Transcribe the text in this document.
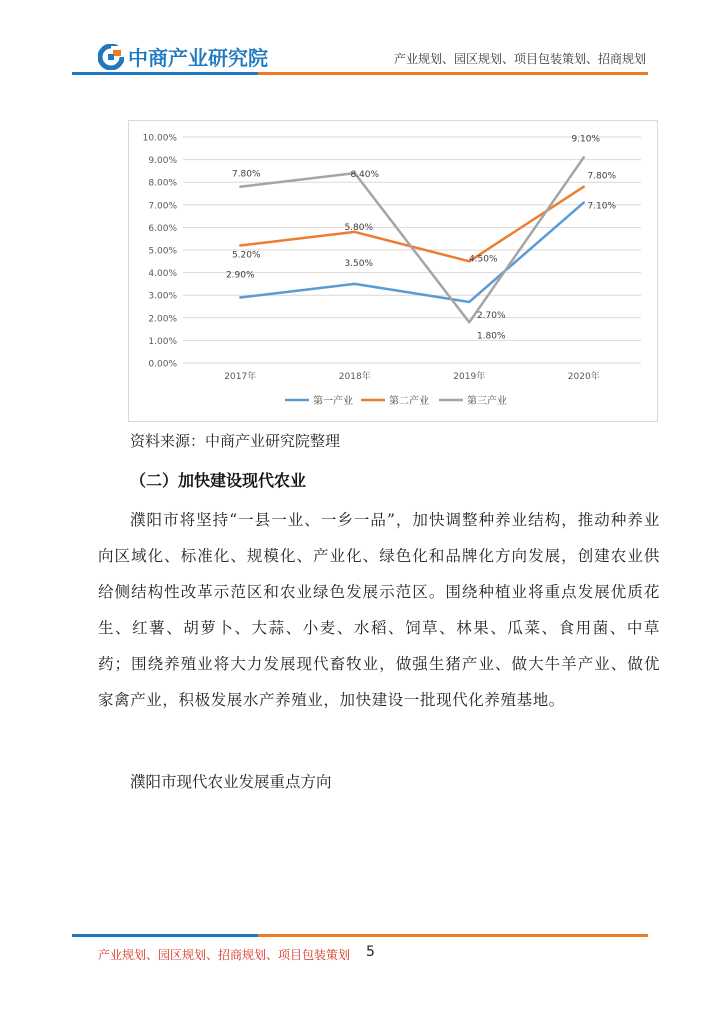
中商产业研究院	产业规划、园区规划、项目包装策划、招商规划
0.00%
1.00%
2.00%
3.00%
4.00%
5.00%
6.00%
7.00%
8.00%
9.00%
10.00%
2017年	2018年	2019年	2020年
2.90%
3.50%
2.70%
7.10%
5.20%
5.80%
4.50%
7.80%
7.80%	8.40%
1.80%
9.10%
第一产业	第二产业	第三产业
资料来源：中商产业研究院整理
（二）加快建设现代农业
濮阳市将坚持“一县一业、一乡一品”，加快调整种养业结构，推动种养业向区域化、标准化、规模化、产业化、绿色化和品牌化方向发展，创建农业供给侧结构性改革示范区和农业绿色发展示范区。围绕种植业将重点发展优质花生、红薯、胡萝卜、大蒜、小麦、水稻、饲草、林果、瓜菜、食用菌、中草药；围绕养殖业将大力发展现代畜牧业，做强生猪产业、做大牛羊产业、做优家禽产业，积极发展水产养殖业，加快建设一批现代化养殖基地。
濮阳市现代农业发展重点方向
产业规划、园区规划、招商规划、项目包装策划 5
